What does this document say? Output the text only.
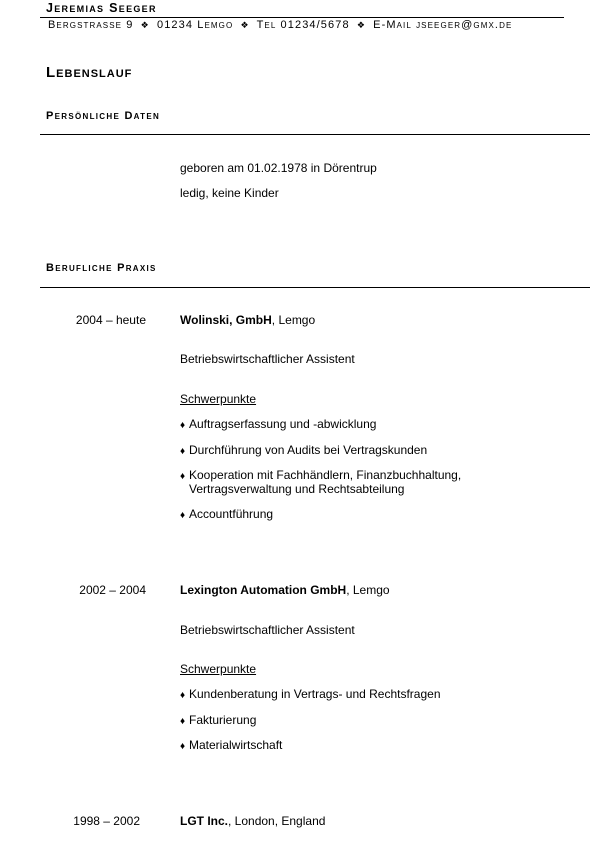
Jeremias Seeger
Bergstrasse 9 ❖ 01234 Lemgo ❖ Tel 01234/5678 ❖ E-Mail jseeger@gmx.de
Lebenslauf
Persönliche Daten
geboren am 01.02.1978 in Dörentrup
ledig, keine Kinder
Berufliche Praxis
2004 – heute	Wolinski, GmbH, Lemgo
Betriebswirtschaftlicher Assistent
Schwerpunkte
♦ Auftragserfassung und -abwicklung
♦ Durchführung von Audits bei Vertragskunden
♦ Kooperation mit Fachhändlern, Finanzbuchhaltung,
Vertragsverwaltung und Rechtsabteilung
♦ Accountführung
2002 – 2004	Lexington Automation GmbH, Lemgo
Betriebswirtschaftlicher Assistent
Schwerpunkte
♦ Kundenberatung in Vertrags- und Rechtsfragen
♦ Fakturierung
♦ Materialwirtschaft
1998 – 2002	LGT Inc., London, England
